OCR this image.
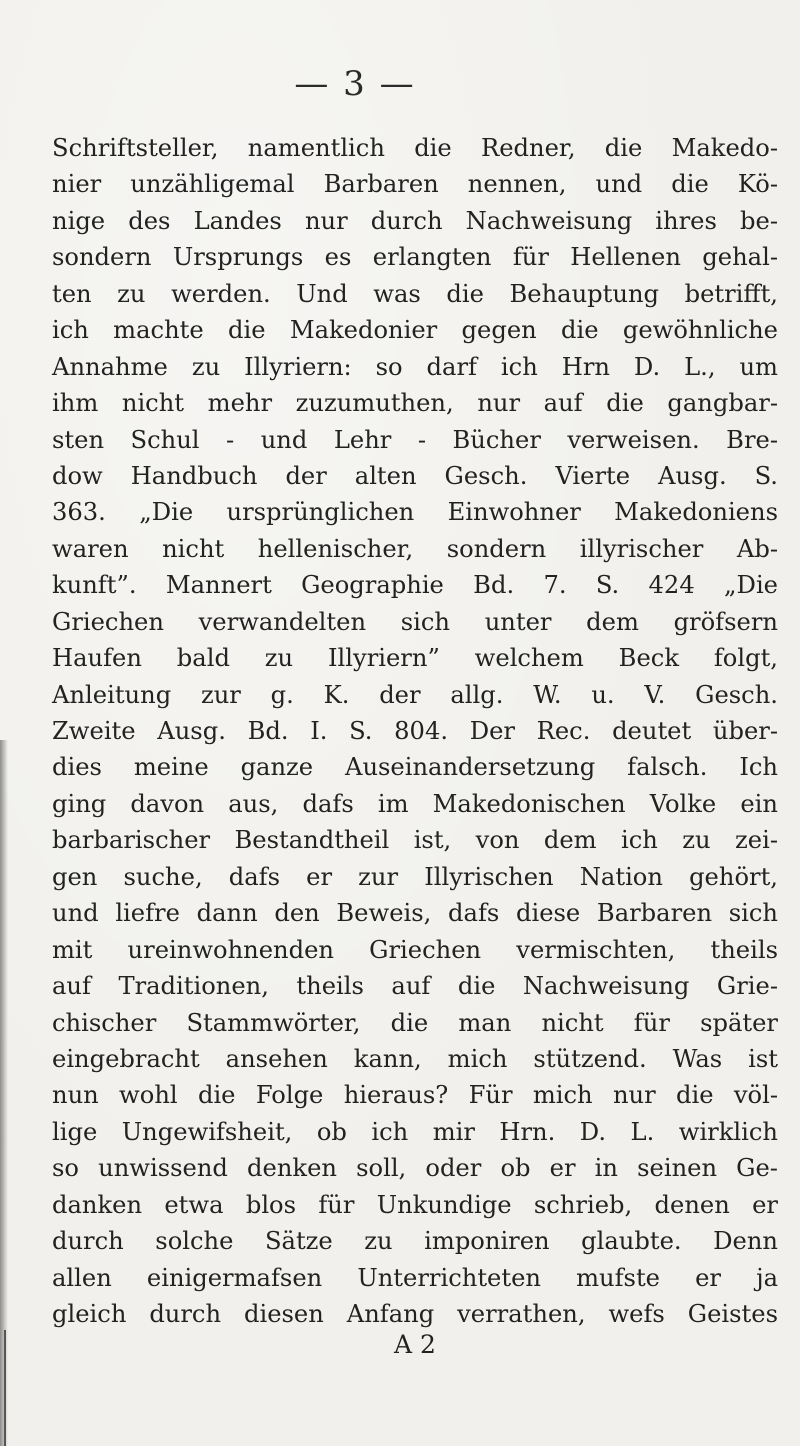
— 3 —
Schriftsteller, namentlich die Redner, die Makedo-
nier unzähligemal Barbaren nennen, und die Kö-
nige des Landes nur durch Nachweisung ihres be-
sondern Ursprungs es erlangten für Hellenen gehal-
ten zu werden. Und was die Behauptung betrifft,
ich machte die Makedonier gegen die gewöhnliche
Annahme zu Illyriern: so darf ich Hrn D. L., um
ihm nicht mehr zuzumuthen, nur auf die gangbar-
sten Schul - und Lehr - Bücher verweisen. Bre-
dow Handbuch der alten Gesch. Vierte Ausg. S.
363. „Die ursprünglichen Einwohner Makedoniens
waren nicht hellenischer, sondern illyrischer Ab-
kunft”. Mannert Geographie Bd. 7. S. 424 „Die
Griechen verwandelten sich unter dem gröfsern
Haufen bald zu Illyriern” welchem Beck folgt,
Anleitung zur g. K. der allg. W. u. V. Gesch.
Zweite Ausg. Bd. I. S. 804. Der Rec. deutet über-
dies meine ganze Auseinandersetzung falsch. Ich
ging davon aus, dafs im Makedonischen Volke ein
barbarischer Bestandtheil ist, von dem ich zu zei-
gen suche, dafs er zur Illyrischen Nation gehört,
und liefre dann den Beweis, dafs diese Barbaren sich
mit ureinwohnenden Griechen vermischten, theils
auf Traditionen, theils auf die Nachweisung Grie-
chischer Stammwörter, die man nicht für später
eingebracht ansehen kann, mich stützend. Was ist
nun wohl die Folge hieraus? Für mich nur die völ-
lige Ungewifsheit, ob ich mir Hrn. D. L. wirklich
so unwissend denken soll, oder ob er in seinen Ge-
danken etwa blos für Unkundige schrieb, denen er
durch solche Sätze zu imponiren glaubte. Denn
allen einigermafsen Unterrichteten mufste er ja
gleich durch diesen Anfang verrathen, wefs Geistes
A 2
